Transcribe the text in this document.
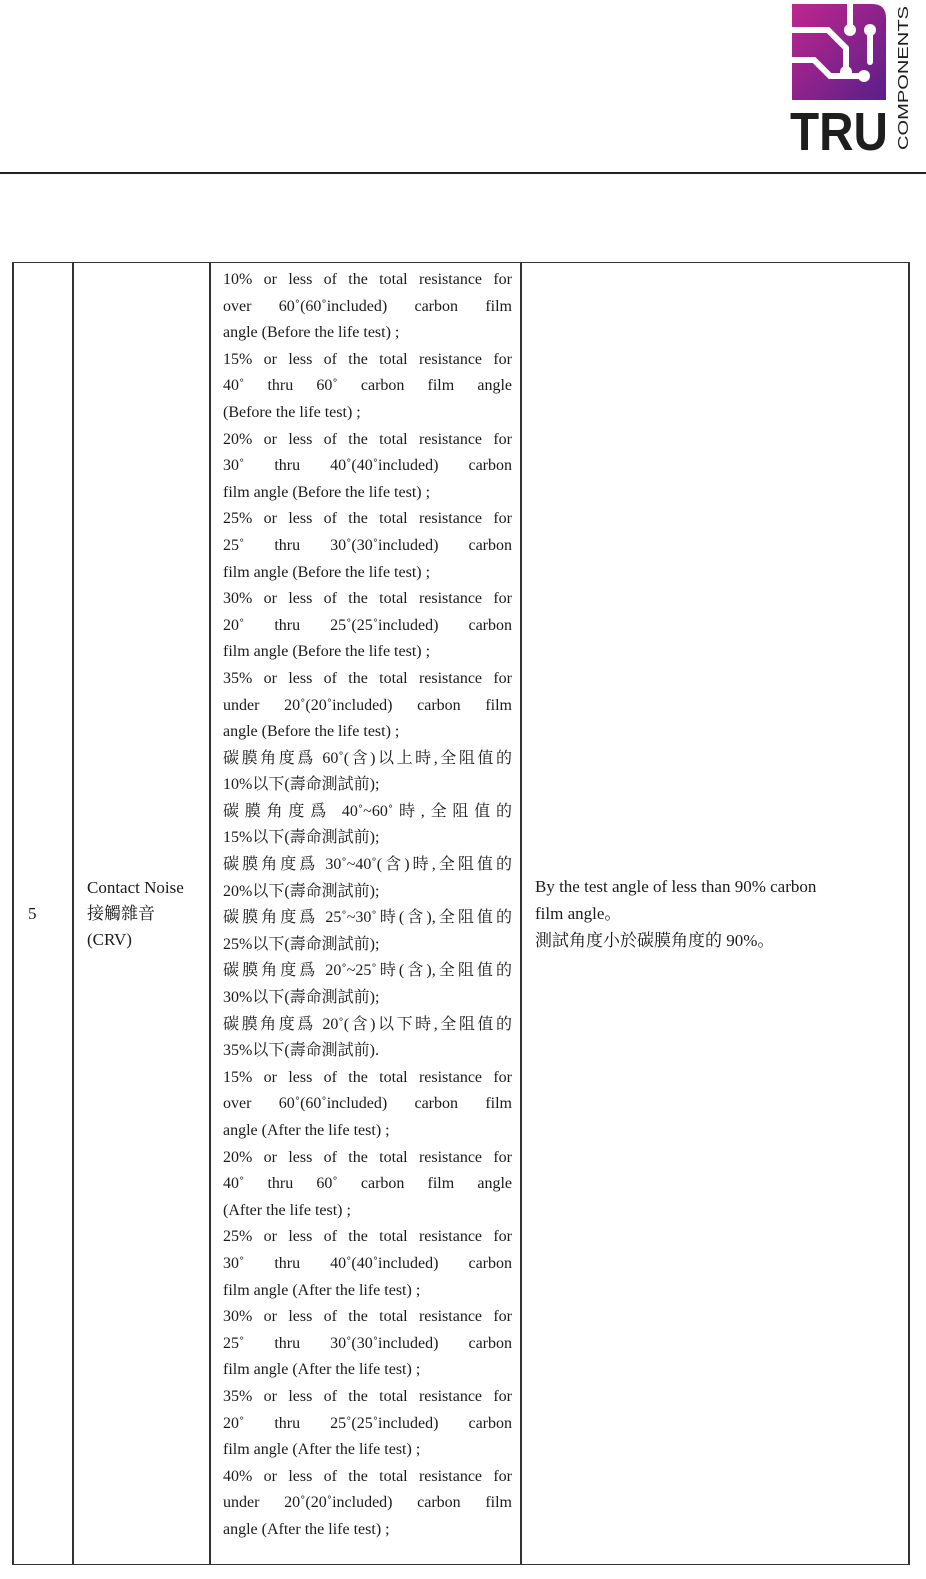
TRU COMPONENTS
5	
Contact Noise
接觸雜音
(CRV)

10% or less of the total resistance for
over 60˚(60˚included) carbon film
angle (Before the life test) ;
15% or less of the total resistance for
40˚ thru 60˚ carbon film angle
(Before the life test) ;
20% or less of the total resistance for
30˚ thru 40˚(40˚included) carbon
film angle (Before the life test) ;
25% or less of the total resistance for
25˚ thru 30˚(30˚included) carbon
film angle (Before the life test) ;
30% or less of the total resistance for
20˚ thru 25˚(25˚included) carbon
film angle (Before the life test) ;
35% or less of the total resistance for
under 20˚(20˚included) carbon film
angle (Before the life test) ;
碳膜角度爲 60˚(含)以上時,全阻值的
10%以下(壽命測試前);
碳膜角度爲 40˚~60˚時,全阻值的
15%以下(壽命測試前);
碳膜角度爲 30˚~40˚(含)時,全阻值的
20%以下(壽命測試前);
碳膜角度爲 25˚~30˚時(含),全阻值的
25%以下(壽命測試前);
碳膜角度爲 20˚~25˚時(含),全阻值的
30%以下(壽命測試前);
碳膜角度爲 20˚(含)以下時,全阻值的
35%以下(壽命測試前).
15% or less of the total resistance for
over 60˚(60˚included) carbon film
angle (After the life test) ;
20% or less of the total resistance for
40˚ thru 60˚ carbon film angle
(After the life test) ;
25% or less of the total resistance for
30˚ thru 40˚(40˚included) carbon
film angle (After the life test) ;
30% or less of the total resistance for
25˚ thru 30˚(30˚included) carbon
film angle (After the life test) ;
35% or less of the total resistance for
20˚ thru 25˚(25˚included) carbon
film angle (After the life test) ;
40% or less of the total resistance for
under 20˚(20˚included) carbon film
angle (After the life test) ;

By the test angle of less than 90% carbon
film angle。
測試角度小於碳膜角度的 90%。
